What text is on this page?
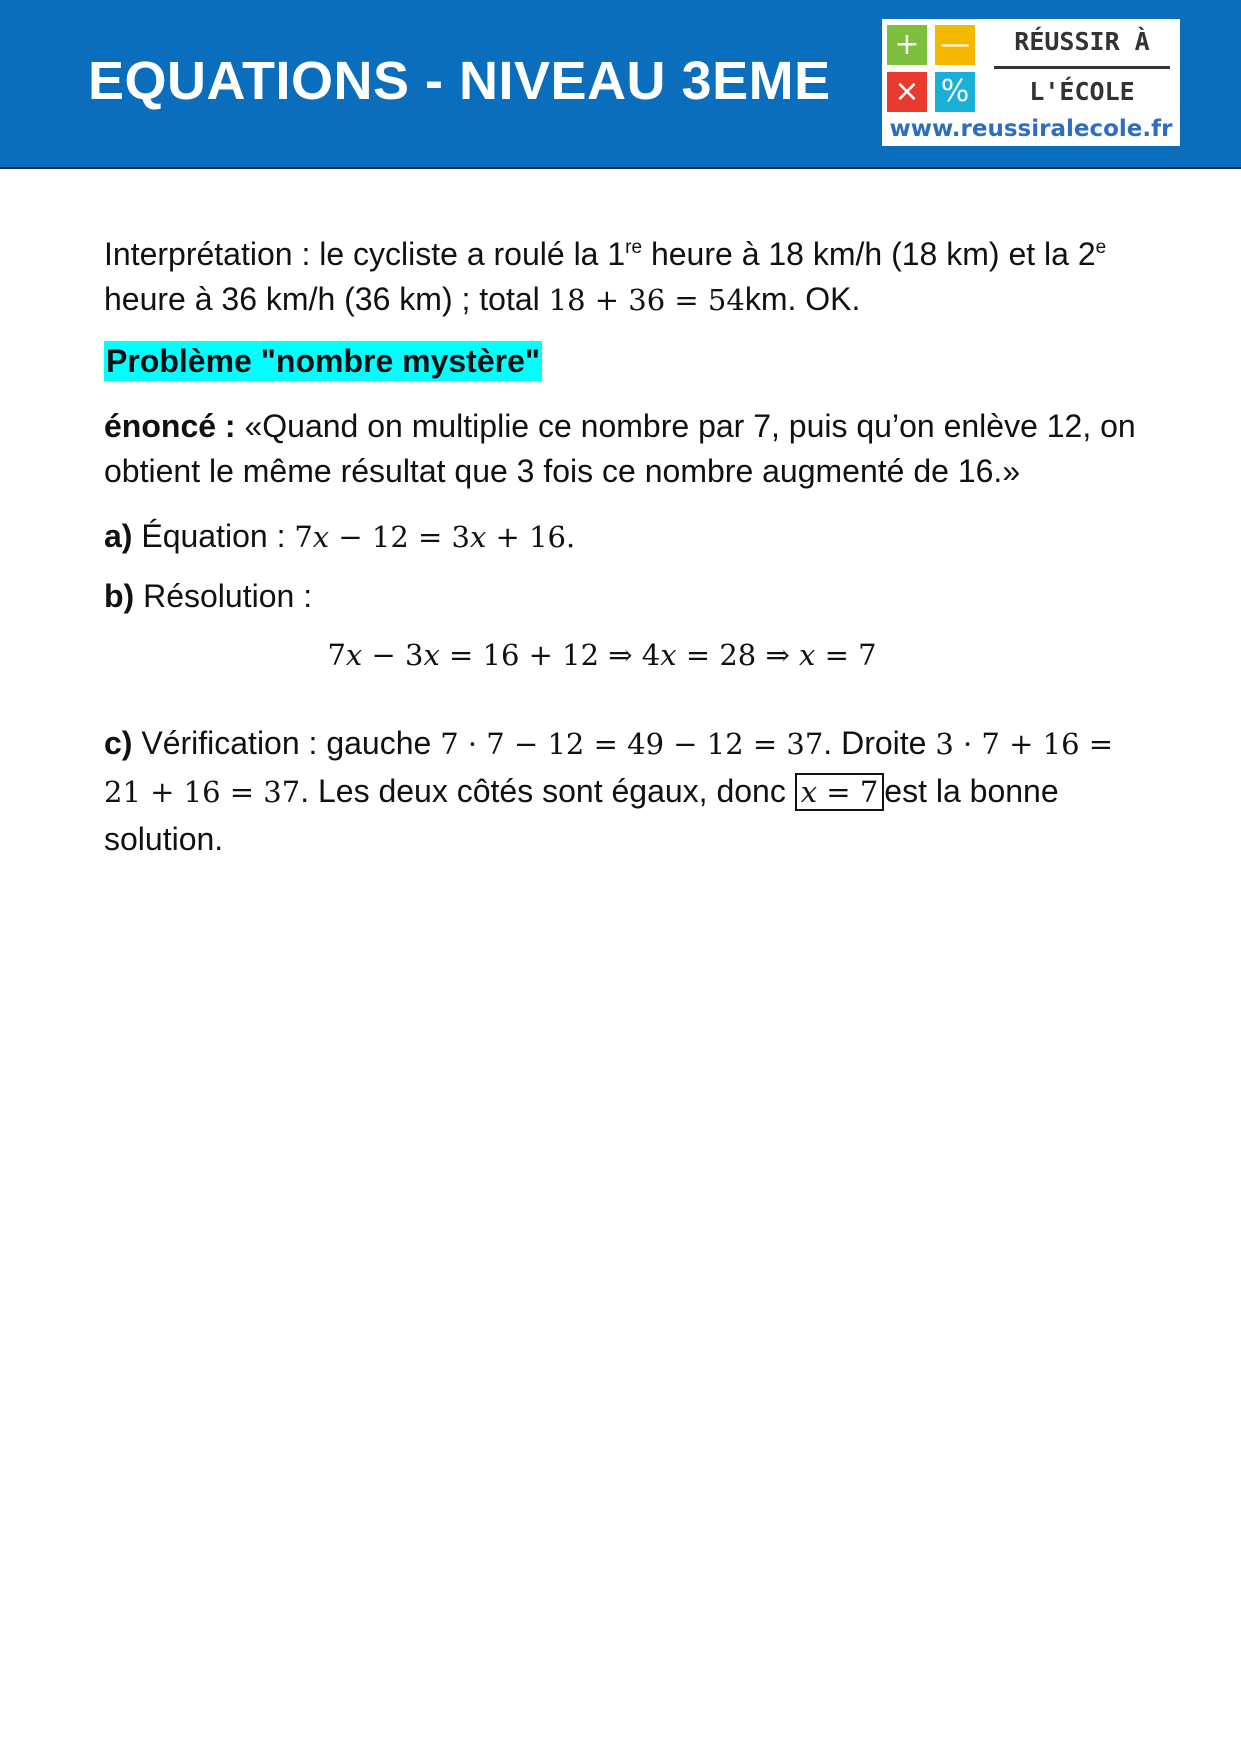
EQUATIONS - NIVEAU 3EME
+ —
× %
RÉUSSIR À
L'ÉCOLE
www.reussiralecole.fr

Interprétation : le cycliste a roulé la 1re heure à 18 km/h (18 km) et la 2e heure à 36 km/h (36 km) ; total 18 + 36 = 54km. OK.

Problème "nombre mystère"

énoncé : «Quand on multiplie ce nombre par 7, puis qu’on enlève 12, on obtient le même résultat que 3 fois ce nombre augmenté de 16.»

a) Équation : 7x − 12 = 3x + 16.

b) Résolution :

7x − 3x = 16 + 12 ⇒ 4x = 28 ⇒ x = 7

c) Vérification : gauche 7 · 7 − 12 = 49 − 12 = 37. Droite 3 · 7 + 16 = 21 + 16 = 37. Les deux côtés sont égaux, donc x = 7 est la bonne solution.
